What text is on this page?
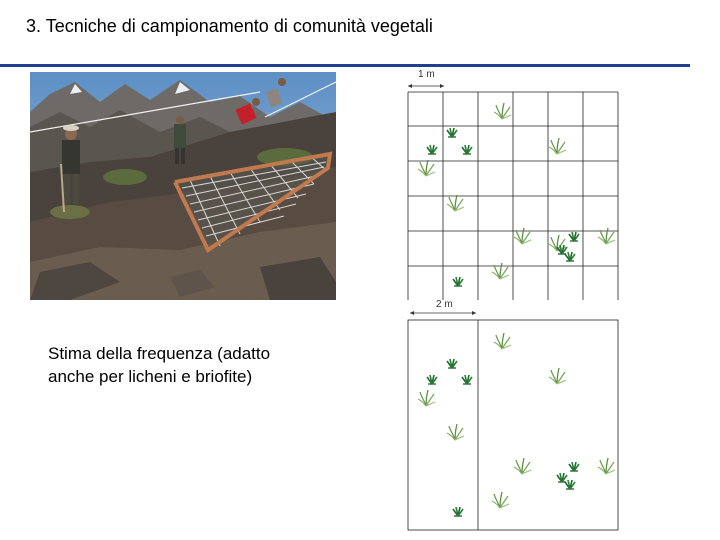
3. Tecniche di campionamento di comunità vegetali
Stima della frequenza (adatto
anche per licheni e briofite)
1 m
2 m
